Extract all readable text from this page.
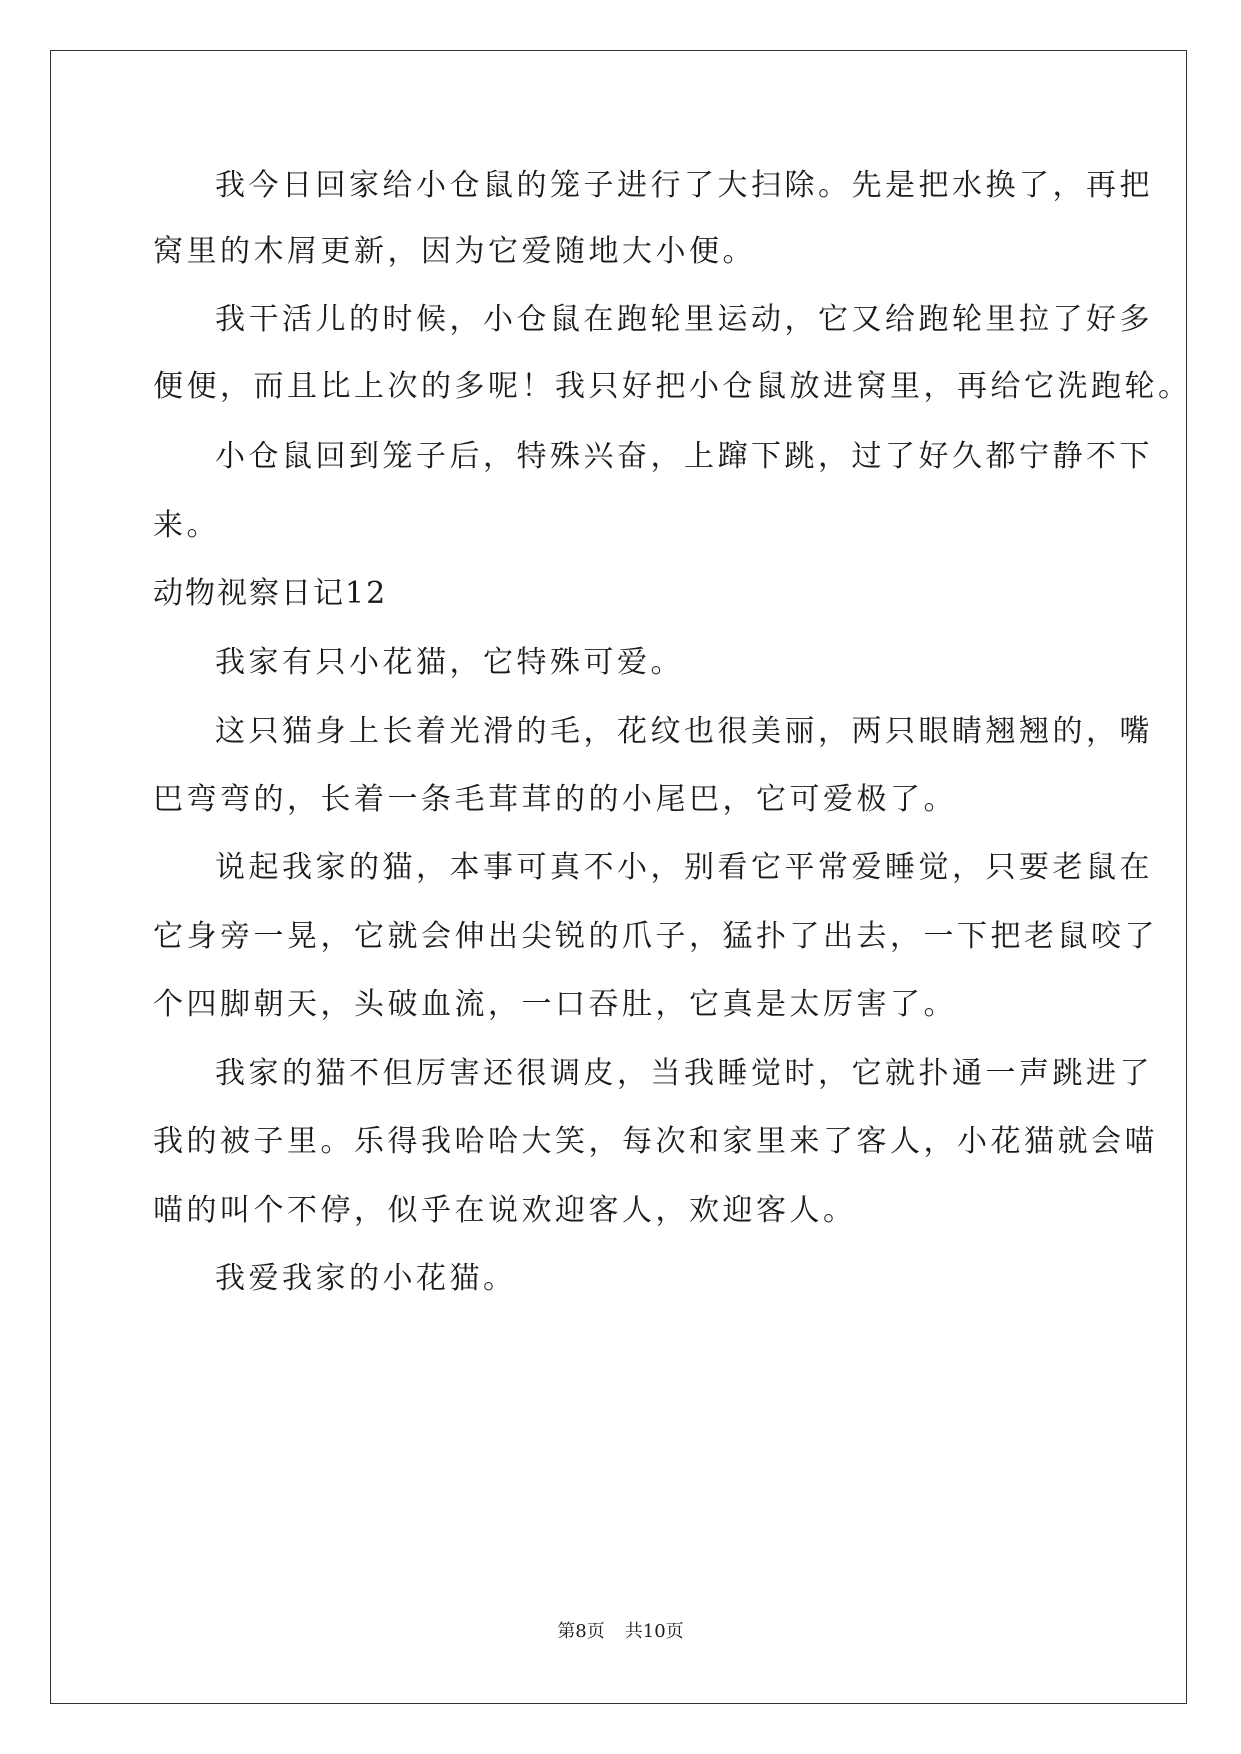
我今日回家给小仓鼠的笼子进行了大扫除。先是把水换了，再把
窝里的木屑更新，因为它爱随地大小便。
我干活儿的时候，小仓鼠在跑轮里运动，它又给跑轮里拉了好多
便便，而且比上次的多呢！我只好把小仓鼠放进窝里，再给它洗跑轮。
小仓鼠回到笼子后，特殊兴奋，上蹿下跳，过了好久都宁静不下
来。
动物视察日记12
我家有只小花猫，它特殊可爱。
这只猫身上长着光滑的毛，花纹也很美丽，两只眼睛翘翘的，嘴
巴弯弯的，长着一条毛茸茸的的小尾巴，它可爱极了。
说起我家的猫，本事可真不小，别看它平常爱睡觉，只要老鼠在
它身旁一晃，它就会伸出尖锐的爪子，猛扑了出去，一下把老鼠咬了
个四脚朝天，头破血流，一口吞肚，它真是太厉害了。
我家的猫不但厉害还很调皮，当我睡觉时，它就扑通一声跳进了
我的被子里。乐得我哈哈大笑，每次和家里来了客人，小花猫就会喵
喵的叫个不停，似乎在说欢迎客人，欢迎客人。
我爱我家的小花猫。
第8页 共10页
